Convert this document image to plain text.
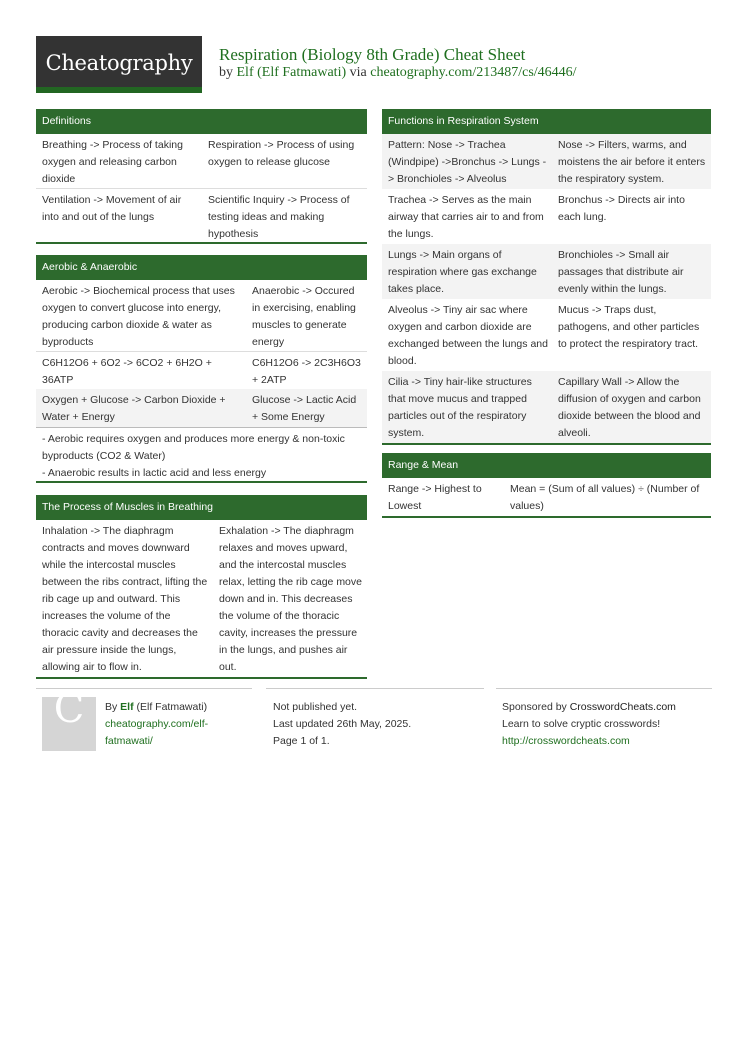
Cheatography	Respiration (Biology 8th Grade) Cheat Sheet
by Elf (Elf Fatmawati) via cheatography.com/213487/cs/46446/
Definitions
Breathing -> Process of taking oxygen and releasing carbon dioxide
Respiration -> Process of using oxygen to release glucose
Ventilation -> Movement of air into and out of the lungs
Scientific Inquiry -> Process of testing ideas and making hypothesis
Aerobic & Anaerobic
Aerobic -> Biochemical process that uses oxygen to convert glucose into energy, producing carbon dioxide & water as byproducts
Anaerobic -> Occured in exercising, enabling muscles to generate energy
C6H12O6 + 6O2 -> 6CO2 + 6H2O + 36ATP
C6H12O6 -> 2C3H6O3 + 2ATP
Oxygen + Glucose -> Carbon Dioxide + Water + Energy
Glucose -> Lactic Acid + Some Energy
- Aerobic requires oxygen and produces more energy & non-toxic byproducts (CO2 & Water)
- Anaerobic results in lactic acid and less energy
The Process of Muscles in Breathing
Inhalation -> The diaphragm contracts and moves downward while the intercostal muscles between the ribs contract, lifting the rib cage up and outward. This increases the volume of the thoracic cavity and decreases the air pressure inside the lungs, allowing air to flow in.
Exhalation -> The diaphragm relaxes and moves upward, and the intercostal muscles relax, letting the rib cage move down and in. This decreases the volume of the thoracic cavity, increases the pressure in the lungs, and pushes air out.
Functions in Respiration System
Pattern: Nose -> Trachea (Windpipe) ->Bronchus -> Lungs -> Bronchioles -> Alveolus
Nose -> Filters, warms, and moistens the air before it enters the respiratory system.
Trachea -> Serves as the main airway that carries air to and from the lungs.
Bronchus -> Directs air into each lung.
Lungs -> Main organs of respiration where gas exchange takes place.
Bronchioles -> Small air passages that distribute air evenly within the lungs.
Alveolus -> Tiny air sac where oxygen and carbon dioxide are exchanged between the lungs and blood.
Mucus -> Traps dust, pathogens, and other particles to protect the respiratory tract.
Cilia -> Tiny hair-like structures that move mucus and trapped particles out of the respiratory system.
Capillary Wall -> Allow the diffusion of oxygen and carbon dioxide between the blood and alveoli.
Range & Mean
Range -> Highest to Lowest
Mean = (Sum of all values) ÷ (Number of values)
C	By Elf (Elf Fatmawati)
cheatography.com/elf-fatmawati/
Not published yet.
Last updated 26th May, 2025.
Page 1 of 1.
Sponsored by CrosswordCheats.com
Learn to solve cryptic crosswords!
http://crosswordcheats.com
